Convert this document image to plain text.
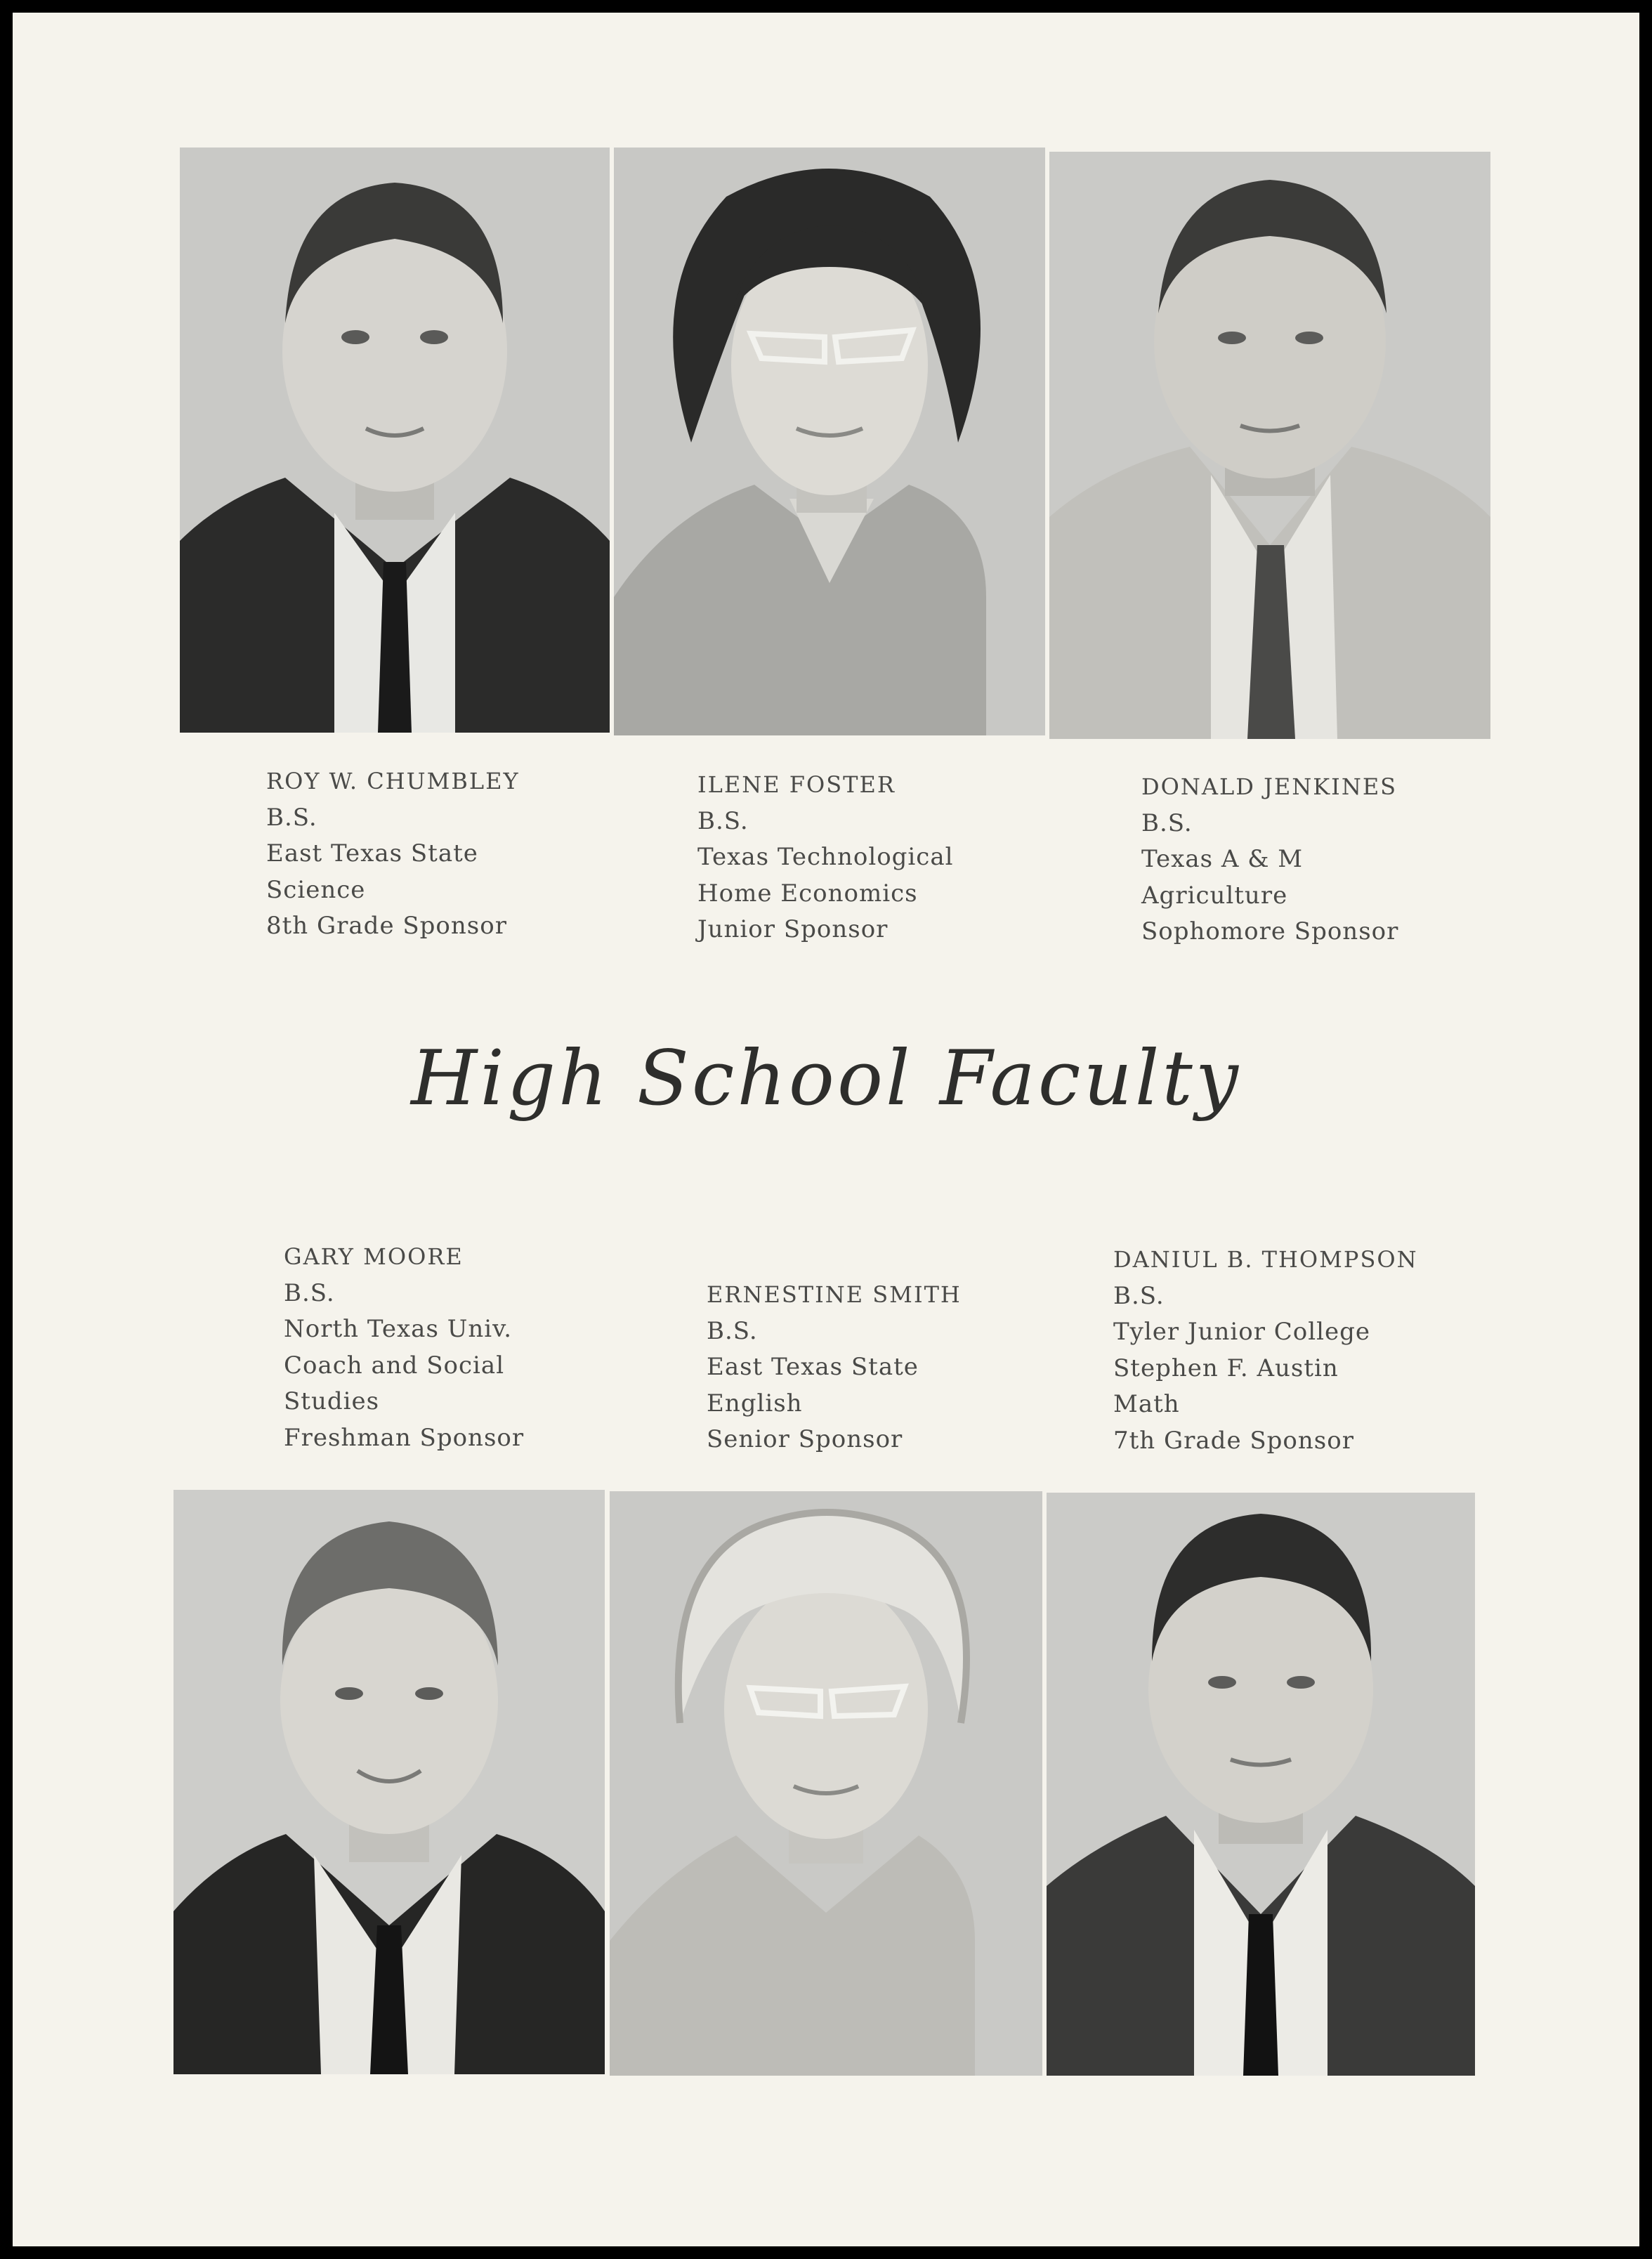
ROY W. CHUMBLEY
B.S.
East Texas State
Science
8th Grade Sponsor
ILENE FOSTER
B.S.
Texas Technological
Home Economics
Junior Sponsor
DONALD JENKINES
B.S.
Texas A & M
Agriculture
Sophomore Sponsor
High School Faculty
GARY MOORE
B.S.
North Texas Univ.
Coach and Social
Studies
Freshman Sponsor
ERNESTINE SMITH
B.S.
East Texas State
English
Senior Sponsor
DANIUL B. THOMPSON
B.S.
Tyler Junior College
Stephen F. Austin
Math
7th Grade Sponsor
